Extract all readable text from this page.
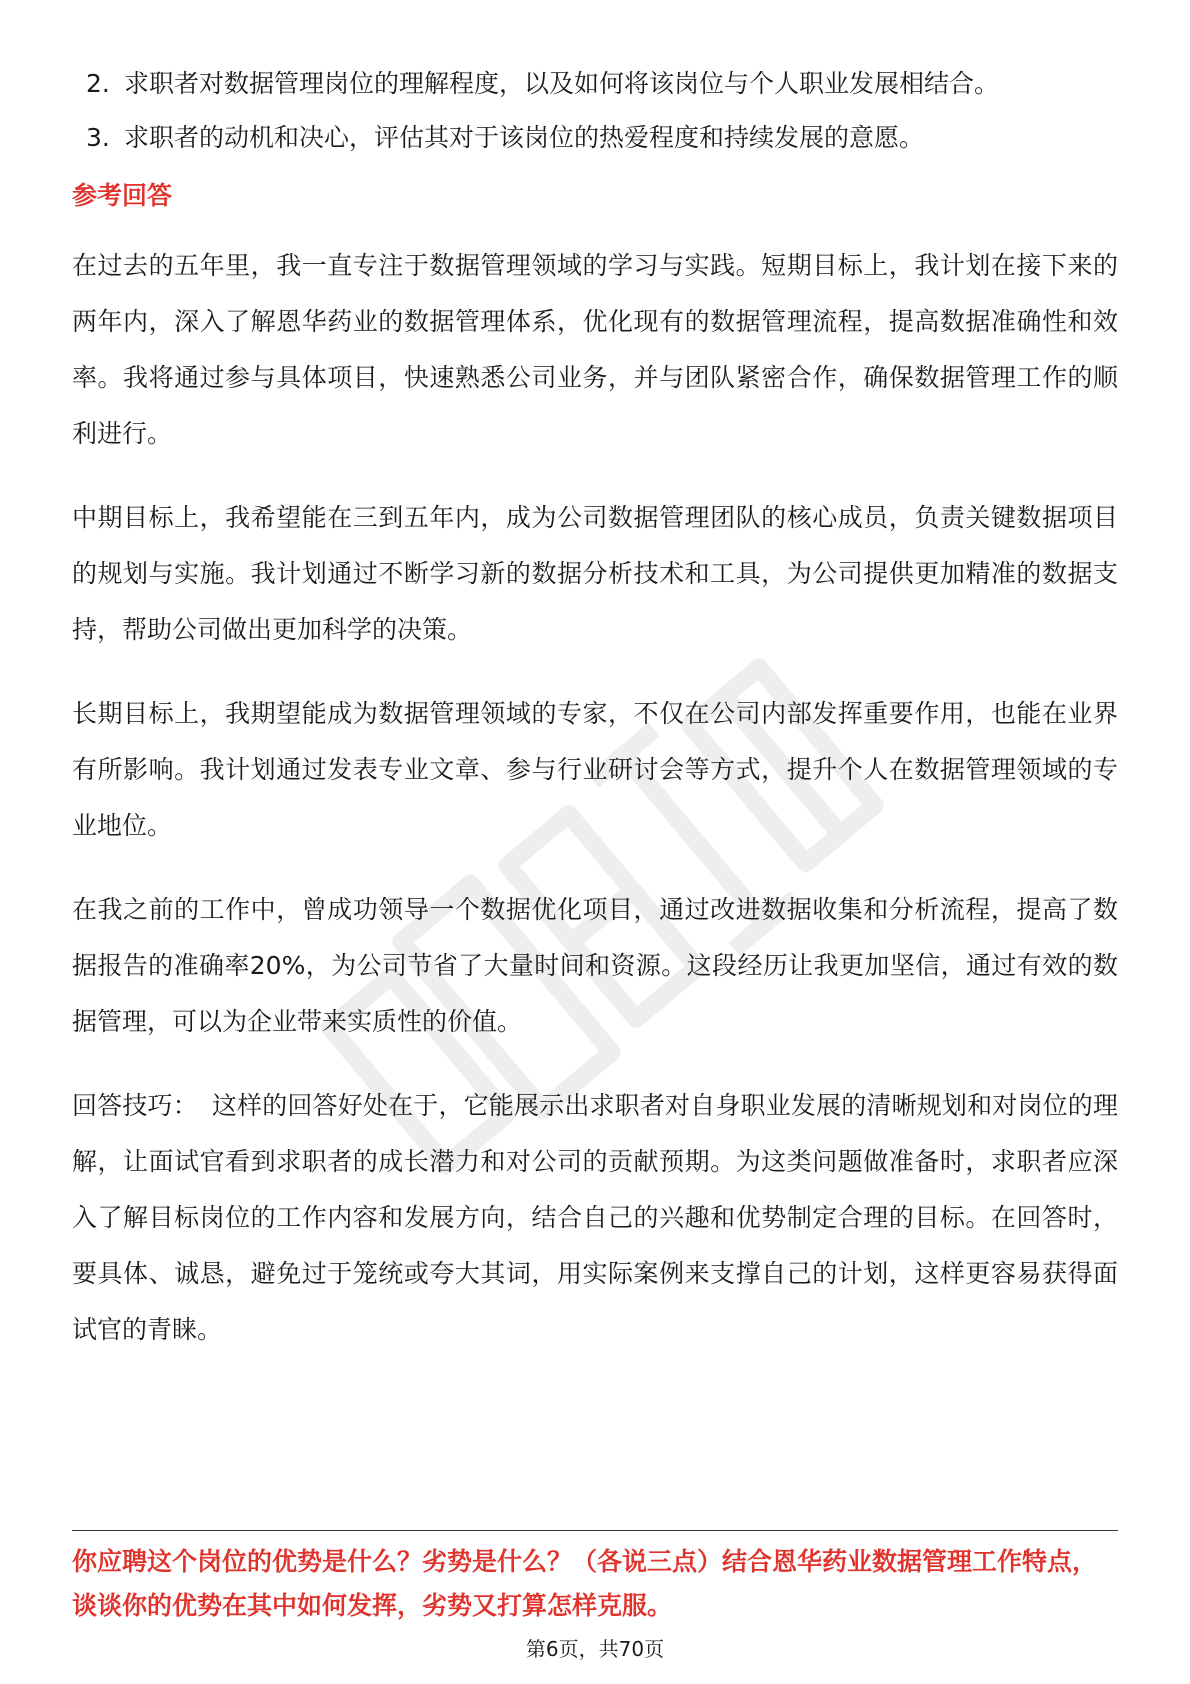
2. 求职者对数据管理岗位的理解程度，以及如何将该岗位与个人职业发展相结合。
3. 求职者的动机和决心，评估其对于该岗位的热爱程度和持续发展的意愿。
参考回答

在过去的五年里，我一直专注于数据管理领域的学习与实践。短期目标上，我计划在接下来的两年内，深入了解恩华药业的数据管理体系，优化现有的数据管理流程，提高数据准确性和效率。我将通过参与具体项目，快速熟悉公司业务，并与团队紧密合作，确保数据管理工作的顺利进行。

中期目标上，我希望能在三到五年内，成为公司数据管理团队的核心成员，负责关键数据项目的规划与实施。我计划通过不断学习新的数据分析技术和工具，为公司提供更加精准的数据支持，帮助公司做出更加科学的决策。

长期目标上，我期望能成为数据管理领域的专家，不仅在公司内部发挥重要作用，也能在业界有所影响。我计划通过发表专业文章、参与行业研讨会等方式，提升个人在数据管理领域的专业地位。

在我之前的工作中，曾成功领导一个数据优化项目，通过改进数据收集和分析流程，提高了数据报告的准确率20%，为公司节省了大量时间和资源。这段经历让我更加坚信，通过有效的数据管理，可以为企业带来实质性的价值。

回答技巧： 这样的回答好处在于，它能展示出求职者对自身职业发展的清晰规划和对岗位的理解，让面试官看到求职者的成长潜力和对公司的贡献预期。为这类问题做准备时，求职者应深入了解目标岗位的工作内容和发展方向，结合自己的兴趣和优势制定合理的目标。在回答时，要具体、诚恳，避免过于笼统或夸大其词，用实际案例来支撑自己的计划，这样更容易获得面试官的青睐。

你应聘这个岗位的优势是什么？劣势是什么？（各说三点）结合恩华药业数据管理工作特点，谈谈你的优势在其中如何发挥，劣势又打算怎样克服。
第6页，共70页
